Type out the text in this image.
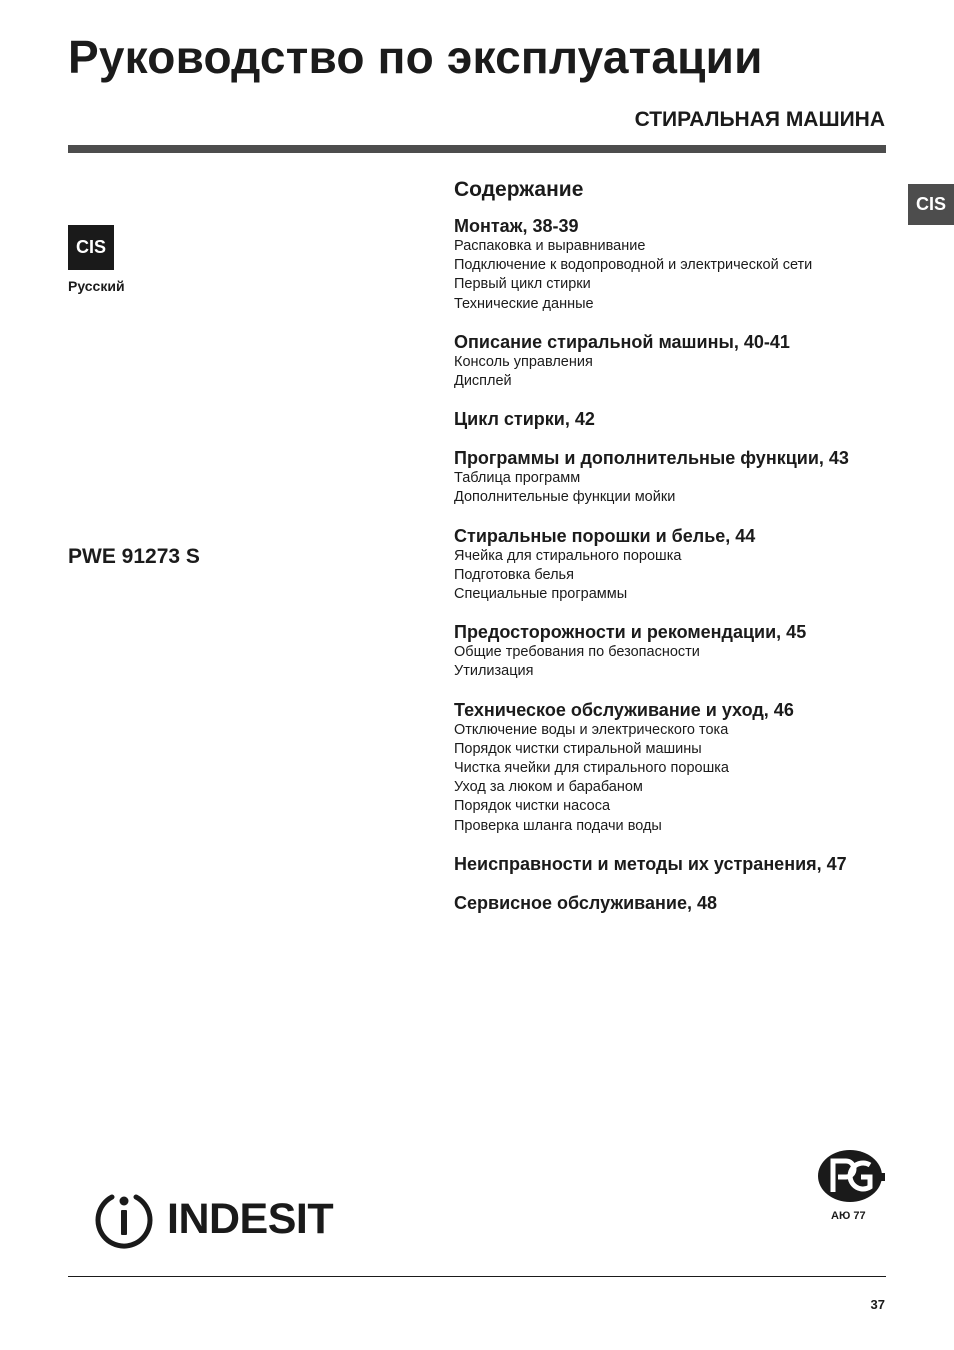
Руководство по эксплуатации
СТИРАЛЬНАЯ МАШИНА
CIS
Русский
PWE 91273 S
CIS
Содержание
Монтаж, 38-39
Распаковка и выравнивание
Подключение к водопроводной и электрической сети
Первый цикл стирки
Технические данные
Описание стиральной машины, 40-41
Консоль управления
Дисплей
Цикл стирки, 42
Программы и дополнительные функции, 43
Таблица программ
Дополнительные функции мойки
Стиральные порошки и белье, 44
Ячейка для стирального порошка
Подготовка белья
Специальные программы
Предосторожности и рекомендации, 45
Общие требования по безопасности
Утилизация
Техническое обслуживание и уход, 46
Отключение воды и электрического тока
Порядок чистки стиральной машины
Чистка ячейки для стирального порошка
Уход за люком и барабаном
Порядок чистки насоса
Проверка шланга подачи воды
Неисправности и методы их устранения, 47
Сервисное обслуживание, 48
INDESIT	АЮ 77
37
